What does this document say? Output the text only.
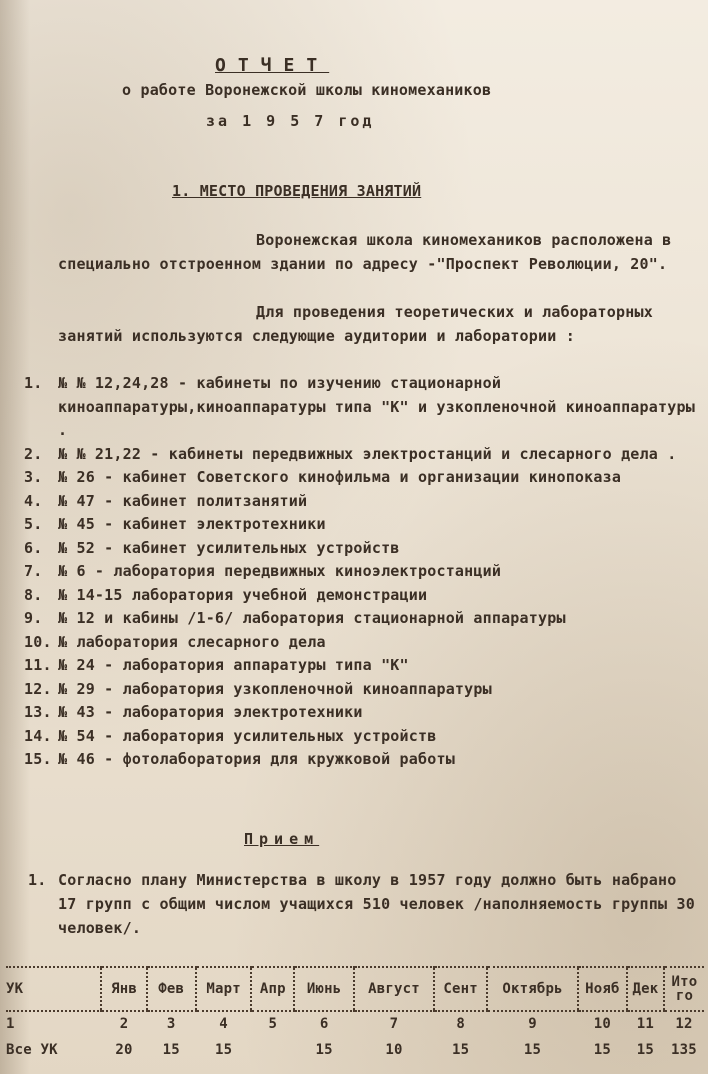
ОТЧЕТ
о работе Воронежской школы киномехаников
за 1 9 5 7 год
1. МЕСТО ПРОВЕДЕНИЯ ЗАНЯТИЙ
Воронежская школа киномехаников расположена в специально отстроенном здании по адресу -"Проспект Революции, 20".
Для проведения теоретических и лабораторных занятий используются следующие аудитории и лаборатории :
1.	№ № 12,24,28 - кабинеты по изучению стационарной киноаппаратуры,киноаппаратуры типа "К" и узкопленочной киноаппаратуры .
2.	№ № 21,22 - кабинеты передвижных электростанций и слесарного дела .
3.	№ 26 - кабинет Советского кинофильма и организации кинопоказа
4.	№ 47 - кабинет политзанятий
5.	№ 45 - кабинет электротехники
6.	№ 52 - кабинет усилительных устройств
7.	№ 6 - лаборатория передвижных киноэлектростанций
8.	№ 14-15 лаборатория учебной демонстрации
9.	№ 12 и кабины /1-6/ лаборатория стационарной аппаратуры
10. № лаборатория слесарного дела
11. № 24 - лаборатория аппаратуры типа "К"
12. № 29 - лаборатория узкопленочной киноаппаратуры
13. № 43 - лаборатория электротехники
14. № 54 - лаборатория усилительных устройств
15. № 46 - фотолаборатория для кружковой работы
Прием
1. Согласно плану Министерства в школу в 1957 году должно быть набрано 17 групп с общим числом учащихся 510 человек /наполняемость группы 30 человек/.
УК	Янв	Фев	Март	Апр	Июнь	Август	Сент	Октябрь	Нояб	Дек	Ито го
1	2	3	4	5	6	7	8	9	10	11	12
Все УК	20	15	15		15	10	15	15	15	15	135
